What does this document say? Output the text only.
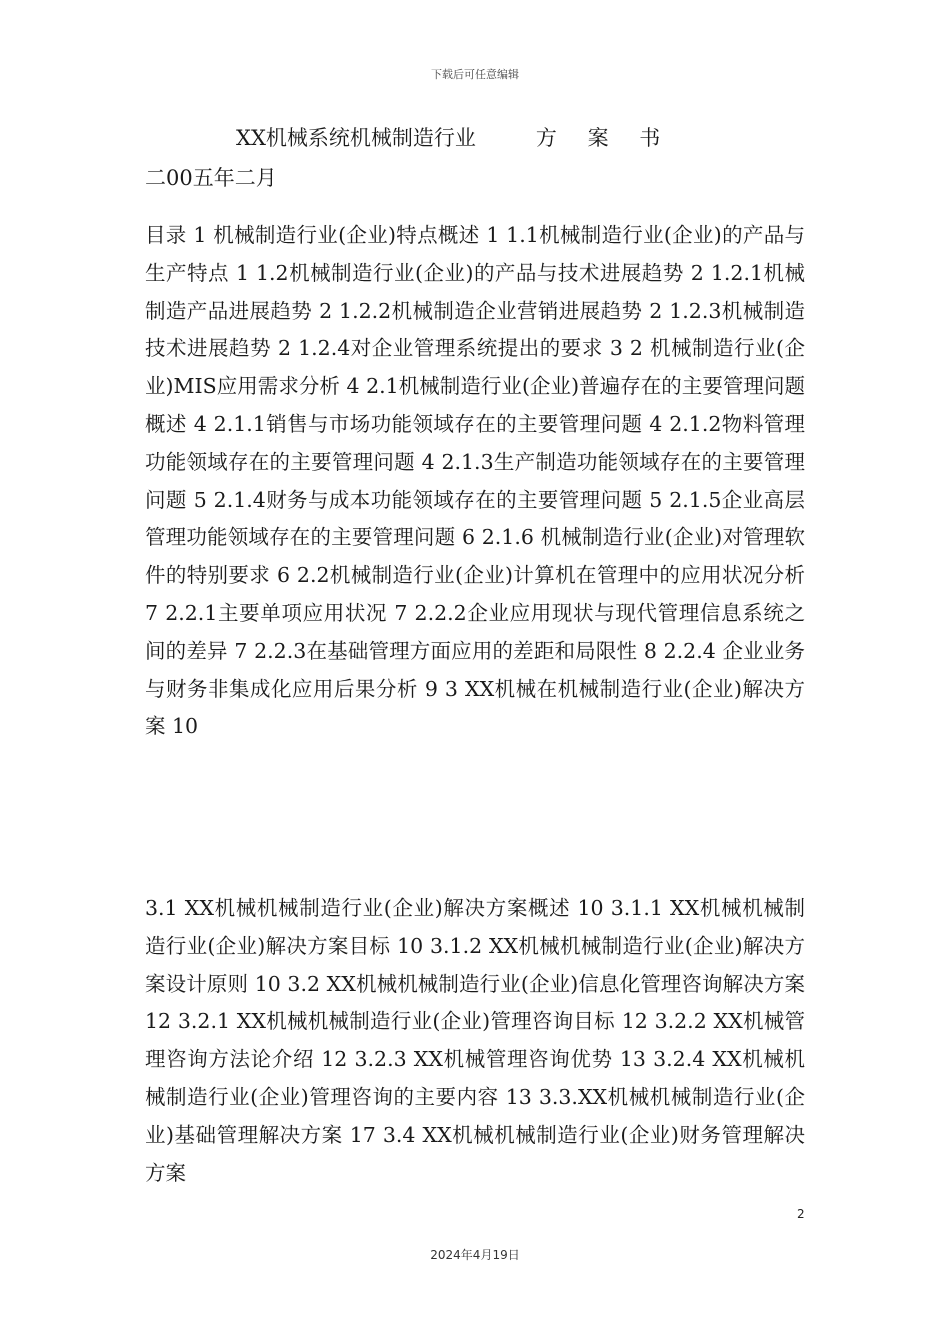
下载后可任意编辑
XX机械系统机械制造行业	方 案 书
二00五年二月
目录 1 机械制造行业(企业)特点概述 1 1.1机械制造行业(企业)的产品与生产特点 1 1.2机械制造行业(企业)的产品与技术进展趋势 2 1.2.1机械制造产品进展趋势 2 1.2.2机械制造企业营销进展趋势 2 1.2.3机械制造技术进展趋势 2 1.2.4对企业管理系统提出的要求 3 2 机械制造行业(企业)MIS应用需求分析 4 2.1机械制造行业(企业)普遍存在的主要管理问题概述 4 2.1.1销售与市场功能领域存在的主要管理问题 4 2.1.2物料管理功能领域存在的主要管理问题 4 2.1.3生产制造功能领域存在的主要管理问题 5 2.1.4财务与成本功能领域存在的主要管理问题 5 2.1.5企业高层管理功能领域存在的主要管理问题 6 2.1.6 机械制造行业(企业)对管理软件的特别要求 6 2.2机械制造行业(企业)计算机在管理中的应用状况分析 7 2.2.1主要单项应用状况 7 2.2.2企业应用现状与现代管理信息系统之间的差异 7 2.2.3在基础管理方面应用的差距和局限性 8 2.2.4 企业业务与财务非集成化应用后果分析 9 3 XX机械在机械制造行业(企业)解决方案 10
3.1 XX机械机械制造行业(企业)解决方案概述 10 3.1.1 XX机械机械制造行业(企业)解决方案目标 10 3.1.2 XX机械机械制造行业(企业)解决方案设计原则 10 3.2 XX机械机械制造行业(企业)信息化管理咨询解决方案 12 3.2.1 XX机械机械制造行业(企业)管理咨询目标 12 3.2.2 XX机械管理咨询方法论介绍 12 3.2.3 XX机械管理咨询优势 13 3.2.4 XX机械机械制造行业(企业)管理咨询的主要内容 13 3.3.XX机械机械制造行业(企业)基础管理解决方案 17 3.4 XX机械机械制造行业(企业)财务管理解决方案
2
2024年4月19日
